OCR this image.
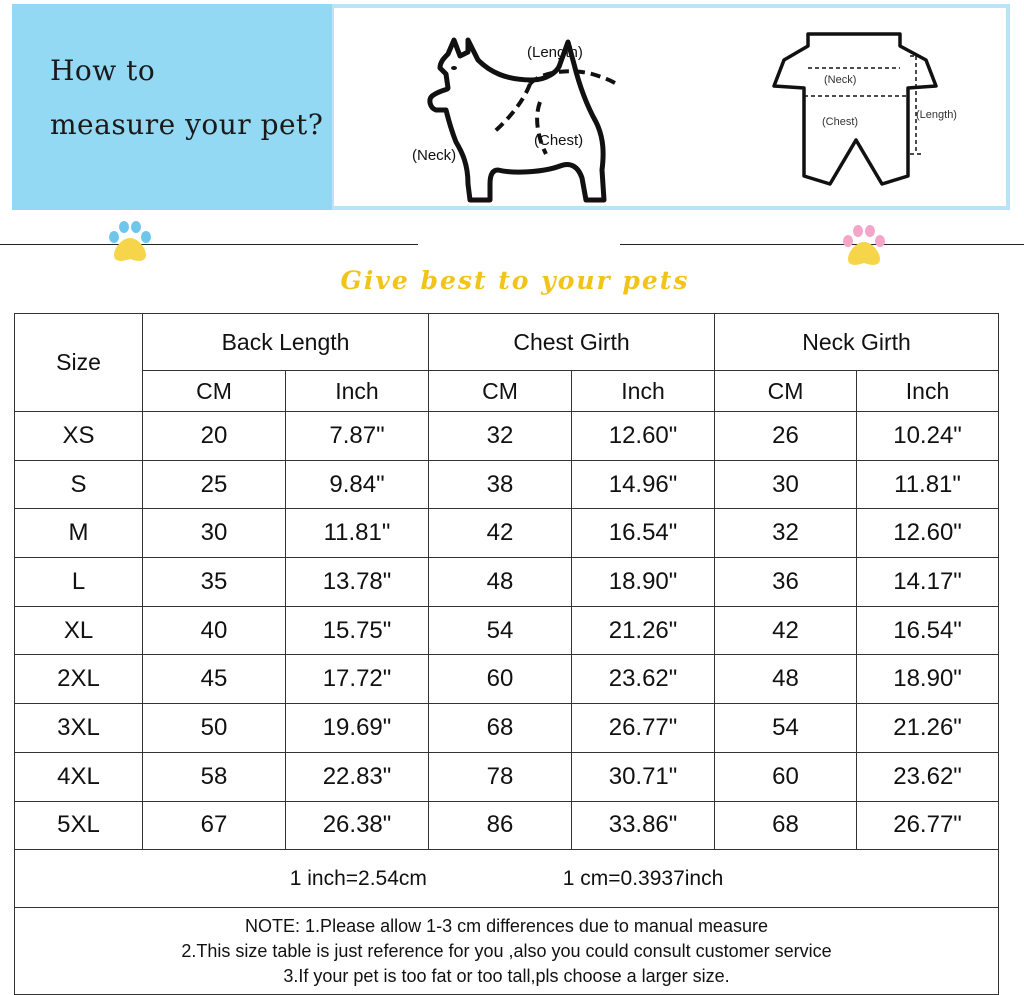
How to
measure your pet?
(Length)
(Chest)
(Neck)
(Neck)
(Chest)
(Length)

Give best to your pets

Size	Back Length		Chest Girth		Neck Girth	
	CM	Inch	CM	Inch	CM	Inch
XS	20	7.87"	32	12.60"	26	10.24"
S	25	9.84"	38	14.96"	30	11.81"
M	30	11.81"	42	16.54"	32	12.60"
L	35	13.78"	48	18.90"	36	14.17"
XL	40	15.75"	54	21.26"	42	16.54"
2XL	45	17.72"	60	23.62"	48	18.90"
3XL	50	19.69"	68	26.77"	54	21.26"
4XL	58	22.83"	78	30.71"	60	23.62"
5XL	67	26.38"	86	33.86"	68	26.77"
1 inch=2.54cm 1 cm=0.3937inch						

NOTE: 1.Please allow 1-3 cm differences due to manual measure
2.This size table is just reference for you ,also you could consult customer service
3.If your pet is too fat or too tall,pls choose a larger size.						
